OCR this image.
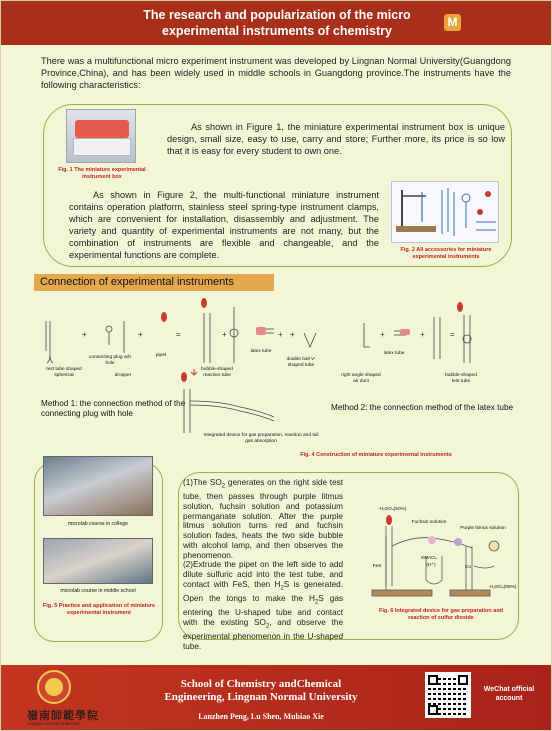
The research and popularization of the micro
experimental instruments of chemistry
M

There was a multifunctional micro experiment instrument was developed by Lingnan Normal University(Guangdong Province,China), and has been widely used in middle schools in Guangdong province.The instruments have the following characteristics:

Fig. 1 The miniature experimental instrument box

As shown in Figure 1, the miniature experimental instrument box is unique design, small size, easy to use, carry and store; Further more, its price is so low that it is easy for every student to own one.

As shown in Figure 2, the multi-functional miniature instrument contains operation platform, stainless steel spring-type instrument clamps, which are convenient for installation, disassembly and adjustment. The variety and quantity of experimental instruments are not many, but the combination of instruments are flexible and changeable, and the experimental functions are complete.	Fig. 2 All accessories for miniature experimental instruments
Connection of experimental instruments
+	+	=	+	+ +	+	+	=
test tube shaped spherical
connecting plug wih hole
dropper
pipet
bubble-shaped reaction tube
latex tube
double ball V-shaped tube
Integrated device for gas preparation, reaction and tail gas absorption
right angle shaped air duct
latex tube
bubble-shaped test tube
Method 1: the connection method of the connecting plug with hole
Method 2: the connection method of the latex tube
Fig. 4 Construction of miniature experimental instruments
microlab course in college
microlab course in middle school
Fig. 5 Practice and application of miniature experimental instrument

(1)The $SO_2$ generates on the right side test tube, then passes through purple litmus solution, fuchsin solution and potassium permanganate solution. After the purple litmus solution turns red and fuchsin solution fades, heats the two side bubble with alcohol lamp, and then observes the phenomenon.

(2)Extrude the pipet on the left side to add dilute sulfuric acid into the test tube, and contact with FeS, then $H_2S$ is generated. Open the tongs to make the $H_2S$ gas entering the U-shaped tube and contact with the existing $SO_2$, and observe the experimental phenomenon in the U-shaped tube.

H₂SO₄(50%)
Fuchsin solution
Purple litmus solution
KMnO₄
(H⁺)
FeS	Cu
H₂SO₄(98%)
Fig. 6 Integrated device for gas preparation and reaction of sulfur dioxide
嶺南師範學院
Lingnan Normal University
School of Chemistry andChemical
Engineering, Lingnan Normal University
Lanzhen Peng, Lu Shen, Mubiao Xie
WeChat official
account
